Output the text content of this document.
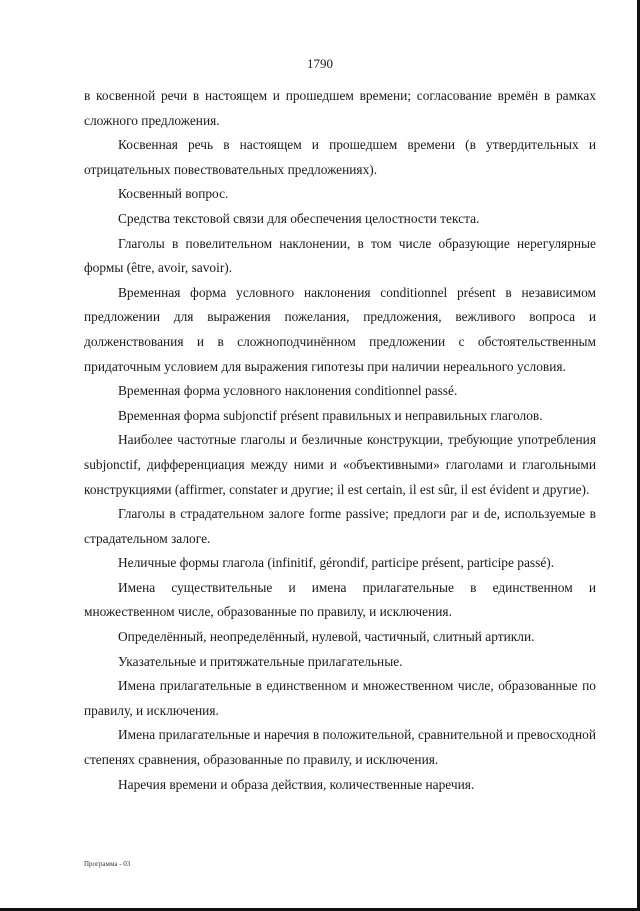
1790

в косвенной речи в настоящем и прошедшем времени; согласование времён в рамках сложного предложения.

Косвенная речь в настоящем и прошедшем времени (в утвердительных и отрицательных повествовательных предложениях).

Косвенный вопрос.

Средства текстовой связи для обеспечения целостности текста.

Глаголы в повелительном наклонении, в том числе образующие нерегулярные формы (être, avoir, savoir).

Временная форма условного наклонения conditionnel présent в независимом предложении для выражения пожелания, предложения, вежливого вопроса и долженствования и в сложноподчинённом предложении с обстоятельственным придаточным условием для выражения гипотезы при наличии нереального условия.

Временная форма условного наклонения conditionnel passé.

Временная форма subjonctif présent правильных и неправильных глаголов.

Наиболее частотные глаголы и безличные конструкции, требующие употребления subjonctif, дифференциация между ними и «объективными» глаголами и глагольными конструкциями (affirmer, constater и другие; il est certain, il est sûr, il est évident и другие).

Глаголы в страдательном залоге forme passive; предлоги par и de, используемые в страдательном залоге.

Неличные формы глагола (infinitif, gérondif, participe présent, participe passé).

Имена существительные и имена прилагательные в единственном и множественном числе, образованные по правилу, и исключения.

Определённый, неопределённый, нулевой, частичный, слитный артикли.

Указательные и притяжательные прилагательные.

Имена прилагательные в единственном и множественном числе, образованные по правилу, и исключения.

Имена прилагательные и наречия в положительной, сравнительной и превосходной степенях сравнения, образованные по правилу, и исключения.

Наречия времени и образа действия, количественные наречия.

Программа - 03
